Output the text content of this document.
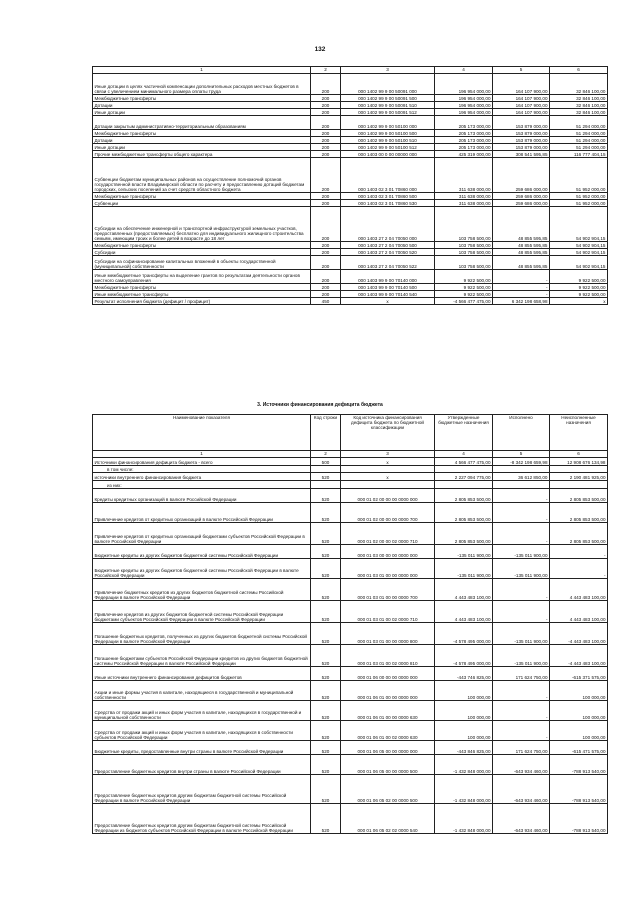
132
1	2	3	4	5	6
Иные дотации в целях частичной компенсации дополнительных расходов местных бюджетов в связи с увеличением минимального размера оплаты труда	200	000 1402 99 9 00 50091 000	196 954 000,00	164 107 900,00	32 846 100,00
Межбюджетные трансферты	200	000 1402 99 9 00 50091 500	196 954 000,00	164 107 900,00	32 846 100,00
Дотации	200	000 1402 99 9 00 50091 510	196 954 000,00	164 107 900,00	32 846 100,00
Иные дотации	200	000 1402 99 9 00 50091 512	196 954 000,00	164 107 900,00	32 846 100,00
Дотации закрытым административно-территориальным образованиям	200	000 1402 99 9 00 50100 000	205 173 000,00	153 879 000,00	51 294 000,00
Межбюджетные трансферты	200	000 1402 99 9 00 50100 500	205 173 000,00	153 879 000,00	51 294 000,00
Дотации	200	000 1402 99 9 00 50100 510	205 173 000,00	153 879 000,00	51 294 000,00
Иные дотации	200	000 1402 99 9 00 50100 512	205 173 000,00	153 879 000,00	51 294 000,00
Прочие межбюджетные трансферты общего характера	200	000 1403 00 0 00 00000 000	425 319 000,00	308 541 595,85	116 777 404,15
Субвенции бюджетам муниципальных районов на осуществление полномочий органов государственной власти Владимирской области по расчету и предоставлению дотаций бюджетам городских, сельских поселений за счет средств областного бюджета	200	000 1403 02 3 01 70860 000	311 638 000,00	259 686 000,00	51 952 000,00
Межбюджетные трансферты	200	000 1403 02 3 01 70860 500	311 638 000,00	259 686 000,00	51 952 000,00
Субвенции	200	000 1403 02 3 01 70860 530	311 638 000,00	259 686 000,00	51 952 000,00
Субсидии на обеспечение инженерной и транспортной инфраструктурой земельных участков, предоставленных (предоставляемых) бесплатно для индивидуального жилищного строительства семьям, имеющим троих и более детей в возрасте до 18 лет	200	000 1403 27 2 04 70050 000	103 758 500,00	48 855 595,85	54 902 904,15
Межбюджетные трансферты	200	000 1403 27 2 04 70050 500	103 758 500,00	48 855 595,85	54 902 904,15
Субсидии	200	000 1403 27 2 04 70050 520	103 758 500,00	48 855 595,85	54 902 904,15
Субсидии на софинансирование капитальных вложений в объекты государственной (муниципальной) собственности	200	000 1403 27 2 04 70050 522	103 758 500,00	48 855 595,85	54 902 904,15
Иные межбюджетные трансферты на выделение грантов по результатам деятельности органов местного самоуправления	200	000 1403 99 9 00 70140 000	9 922 500,00	-	9 922 500,00
Межбюджетные трансферты	200	000 1403 99 9 00 70140 500	9 922 500,00	-	9 922 500,00
Иные межбюджетные трансферты	200	000 1403 99 9 00 70140 540	9 922 500,00	-	9 922 500,00
Результат исполнения бюджета (дефицит / профицит)	450	x	-4 566 477 475,00	6 342 198 658,98	x
3. Источники финансирования дефицита бюджета
Наименование показателя	Код строки	Код источника финансирования дефицита бюджета по бюджетной классификации	Утвержденные бюджетные назначения	Исполнено	Неисполненные назначения
1	2	3	4	5	6
Источники финансирования дефицита бюджета - всего	500	x	4 566 477 475,00	-8 342 198 659,98	12 908 676 134,98
в том числе:					
источники внутреннего финансирования бюджета	520	x	2 227 094 775,00	36 612 850,00	2 190 481 925,00
из них:					
Кредиты кредитных организаций в валюте Российской Федерации	520	000 01 02 00 00 00 0000 000	2 805 853 500,00	-	2 805 853 500,00
Привлечение кредитов от кредитных организаций в валюте Российской Федерации	520	000 01 02 00 00 00 0000 700	2 805 853 500,00	-	2 805 853 500,00
Привлечение кредитов от кредитных организаций бюджетами субъектов Российской Федерации в валюте Российской Федерации	520	000 01 02 00 00 02 0000 710	2 805 853 500,00	-	2 805 853 500,00
Бюджетные кредиты из других бюджетов бюджетной системы Российской Федерации	520	000 01 03 00 00 00 0000 000	-135 011 900,00	-135 011 900,00	-
Бюджетные кредиты из других бюджетов бюджетной системы Российской Федерации в валюте Российской Федерации	520	000 01 03 01 00 00 0000 000	-135 011 900,00	-135 011 900,00	-
Привлечение бюджетных кредитов из других бюджетов бюджетной системы Российской Федерации в валюте Российской Федерации	520	000 01 03 01 00 00 0000 700	4 443 483 100,00	-	4 443 483 100,00
Привлечение кредитов из других бюджетов бюджетной системы Российской Федерации бюджетами субъектов Российской Федерации в валюте Российской Федерации	520	000 01 03 01 00 02 0000 710	4 443 483 100,00	-	4 443 483 100,00
Погашение бюджетных кредитов, полученных из других бюджетов бюджетной системы Российской Федерации в валюте Российской Федерации	520	000 01 03 01 00 00 0000 800	-4 578 495 000,00	-135 011 900,00	-4 443 483 100,00
Погашение бюджетами субъектов Российской Федерации кредитов из других бюджетов бюджетной системы Российской Федерации в валюте Российской Федерации	520	000 01 03 01 00 02 0000 810	-4 578 495 000,00	-135 011 900,00	-4 443 483 100,00
Иные источники внутреннего финансирования дефицитов бюджетов	520	000 01 06 00 00 00 0000 000	-443 746 825,00	171 624 750,00	-615 371 575,00
Акции и иные формы участия в капитале, находящиеся в государственной и муниципальной собственности	520	000 01 06 01 00 00 0000 000	100 000,00	-	100 000,00
Средства от продажи акций и иных форм участия в капитале, находящихся в государственной и муниципальной собственности	520	000 01 06 01 00 00 0000 630	100 000,00	-	100 000,00
Средства от продажи акций и иных форм участия в капитале, находящихся в собственности субъектов Российской Федерации	520	000 01 06 01 00 02 0000 630	100 000,00	-	100 000,00
Бюджетные кредиты, предоставленные внутри страны в валюте Российской Федерации	520	000 01 06 05 00 00 0000 000	-443 846 825,00	171 624 750,00	-615 471 575,00
Предоставление бюджетных кредитов внутри страны в валюте Российской Федерации	520	000 01 06 05 00 00 0000 500	-1 432 848 000,00	-643 934 460,00	-788 913 540,00
Предоставление бюджетных кредитов другим бюджетам бюджетной системы Российской Федерации в валюте Российской Федерации	520	000 01 06 05 02 00 0000 500	-1 432 848 000,00	-643 934 460,00	-788 913 540,00
Предоставление бюджетных кредитов другим бюджетам бюджетной системы Российской Федерации из бюджетов субъектов Российской Федерации в валюте Российской Федерации	520	000 01 06 05 02 02 0000 540	-1 432 848 000,00	-643 934 460,00	-788 913 540,00
